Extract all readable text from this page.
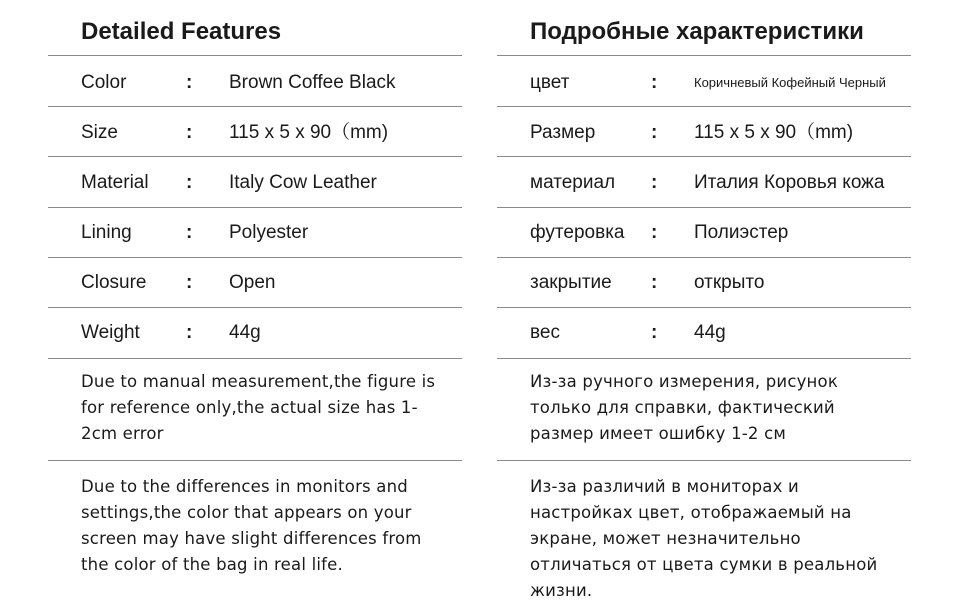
Detailed Features
Color	: Brown Coffee Black
Size	: 115 x 5 x 90（mm)
Material : Italy Cow Leather
Lining	: Polyester
Closure : Open
Weight : 44g
Due to manual measurement,the figure is for reference only,the actual size has 1-2cm error
Due to the differences in monitors and settings,the color that appears on your screen may have slight differences from the color of the bag in real life.
Подробные характеристики
цвет	:	Коричневый Кофейный Черный
Размер	: 115 x 5 x 90（mm)
материал : Италия Коровья кожа
футеровка : Полиэстер
закрытие : открыто
вес	: 44g
Из-за ручного измерения, рисунок только для справки, фактический размер имеет ошибку 1-2 см
Из-за различий в мониторах и настройках цвет, отображаемый на экране, может незначительно отличаться от цвета сумки в реальной жизни.
